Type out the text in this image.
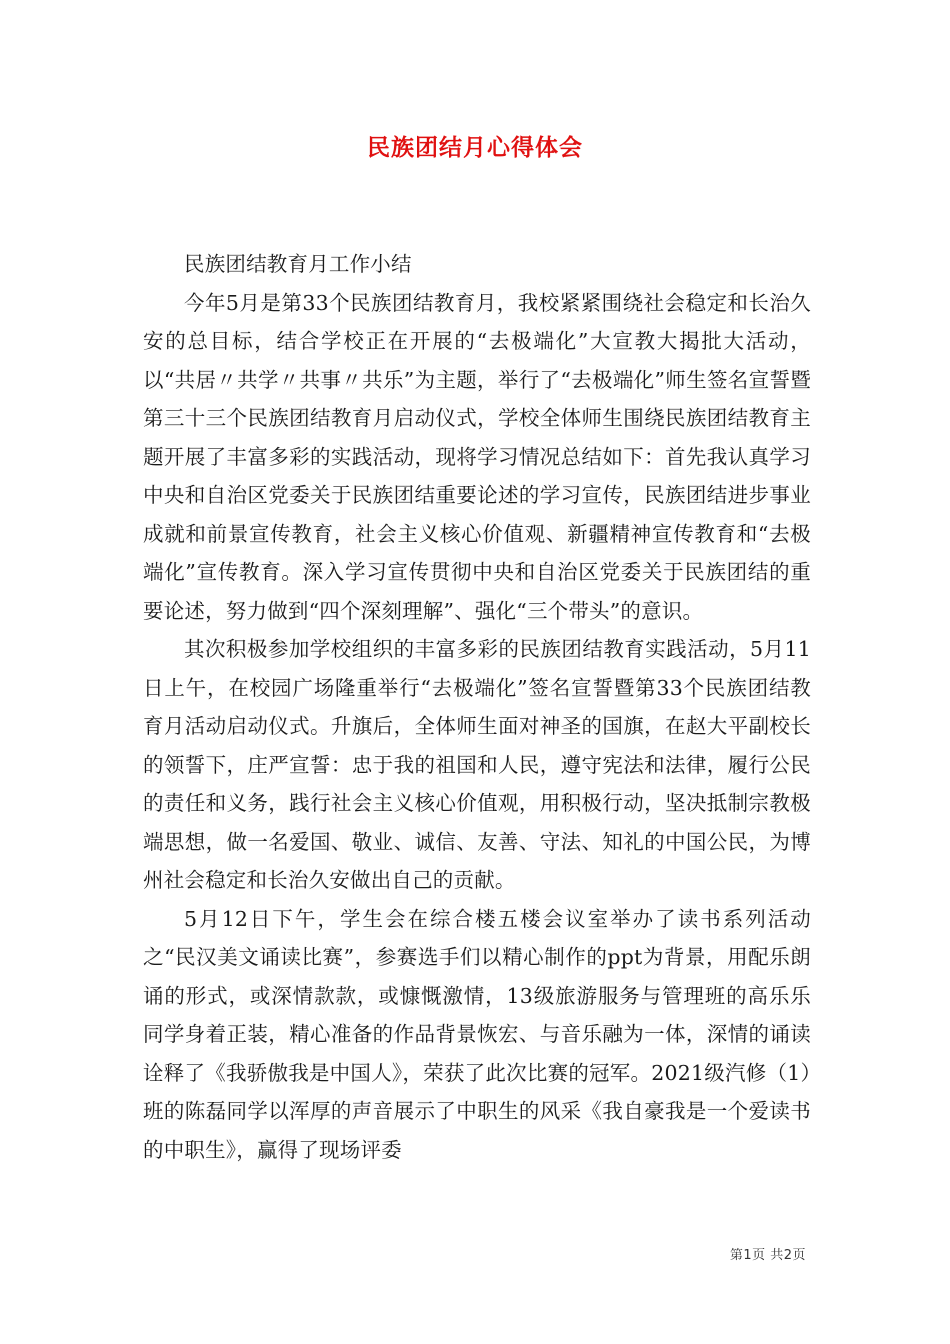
民族团结月心得体会

民族团结教育月工作小结

今年5月是第33个民族团结教育月，我校紧紧围绕社会稳定和长治久安的总目标，结合学校正在开展的“去极端化”大宣教大揭批大活动，以“共居〃共学〃共事〃共乐”为主题，举行了“去极端化”师生签名宣誓暨第三十三个民族团结教育月启动仪式，学校全体师生围绕民族团结教育主题开展了丰富多彩的实践活动，现将学习情况总结如下：首先我认真学习中央和自治区党委关于民族团结重要论述的学习宣传，民族团结进步事业成就和前景宣传教育，社会主义核心价值观、新疆精神宣传教育和“去极端化”宣传教育。深入学习宣传贯彻中央和自治区党委关于民族团结的重要论述，努力做到“四个深刻理解”、强化“三个带头”的意识。

其次积极参加学校组织的丰富多彩的民族团结教育实践活动，5月11日上午，在校园广场隆重举行“去极端化”签名宣誓暨第33个民族团结教育月活动启动仪式。升旗后，全体师生面对神圣的国旗，在赵大平副校长的领誓下，庄严宣誓：忠于我的祖国和人民，遵守宪法和法律，履行公民的责任和义务，践行社会主义核心价值观，用积极行动，坚决抵制宗教极端思想，做一名爱国、敬业、诚信、友善、守法、知礼的中国公民，为博州社会稳定和长治久安做出自己的贡献。

5月12日下午，学生会在综合楼五楼会议室举办了读书系列活动之“民汉美文诵读比赛”，参赛选手们以精心制作的ppt为背景，用配乐朗诵的形式，或深情款款，或慷慨激情，13级旅游服务与管理班的高乐乐同学身着正装，精心准备的作品背景恢宏、与音乐融为一体，深情的诵读诠释了《我骄傲我是中国人》，荣获了此次比赛的冠军。2021级汽修（1）班的陈磊同学以浑厚的声音展示了中职生的风采《我自豪我是一个爱读书的中职生》，赢得了现场评委

第1页 共2页
